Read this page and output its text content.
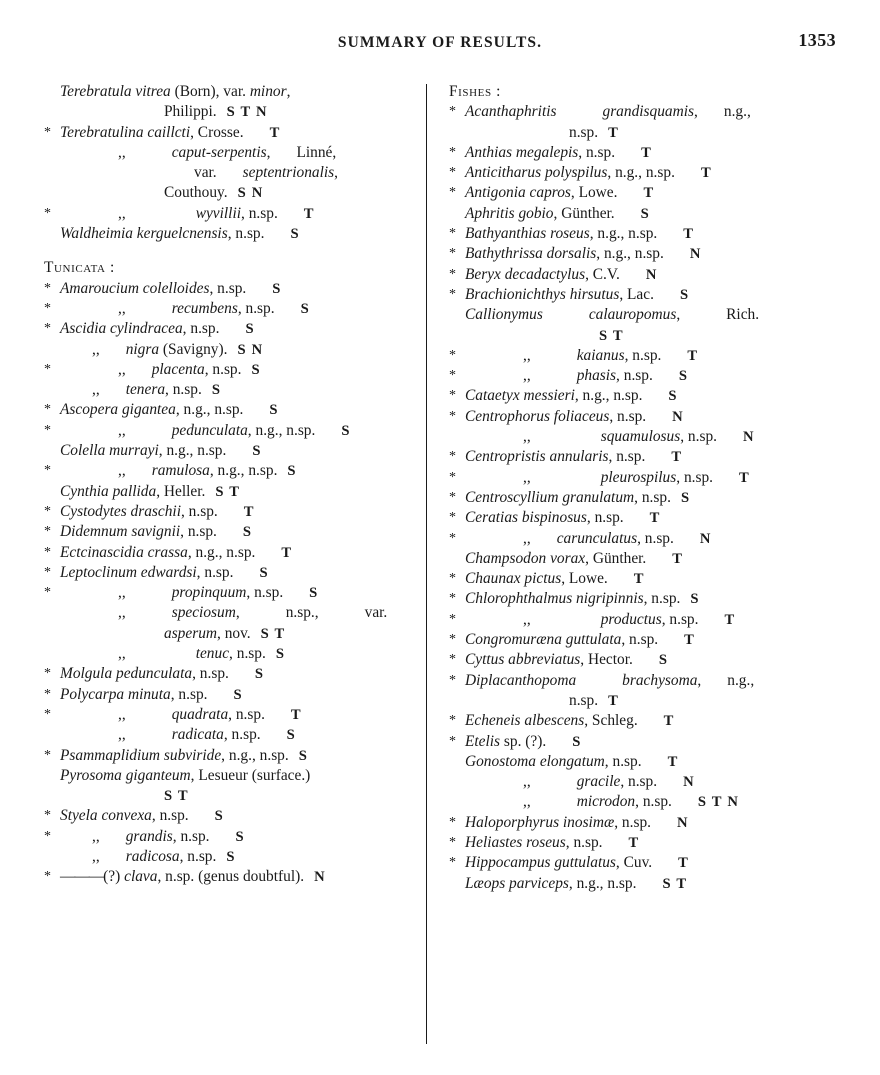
SUMMARY OF RESULTS.	1353
Terebratula vitrea (Born), var. minor,
Philippi. S T N
* Terebratulina caillcti, Crosse. T
,,	caput-serpentis, Linné,
var. septentrionalis,
Couthouy. S N
*	,,	wyvillii, n.sp. T
Waldheimia kerguelcnensis, n.sp. S
Tunicata :
* Amaroucium colelloides, n.sp. S
*	,,	recumbens, n.sp. S
* Ascidia cylindracea, n.sp. S
,, nigra (Savigny). S N
*	,, placenta, n.sp. S
,, tenera, n.sp. S
* Ascopera gigantea, n.g., n.sp. S
*	,,	pedunculata, n.g., n.sp. S
Colella murrayi, n.g., n.sp. S
*	,, ramulosa, n.g., n.sp. S
Cynthia pallida, Heller. S T
* Cystodytes draschii, n.sp. T
* Didemnum savignii, n.sp. S
* Ectcinascidia crassa, n.g., n.sp. T
* Leptoclinum edwardsi, n.sp. S
*	,,	propinquum, n.sp. S
,,	speciosum,	n.sp.,	var.
asperum, nov. S T
,,	tenuc, n.sp. S
* Molgula pedunculata, n.sp. S
* Polycarpa minuta, n.sp. S
*	,,	quadrata, n.sp. T
,,	radicata, n.sp. S
* Psammaplidium subviride, n.g., n.sp. S
Pyrosoma giganteum, Lesueur (surface.)
S T
* Styela convexa, n.sp. S
*	,, grandis, n.sp. S
,, radicosa, n.sp. S
* ———(?) clava, n.sp. (genus doubtful). N
Fishes :
* Acanthaphritis	grandisquamis, n.g.,
n.sp. T
* Anthias megalepis, n.sp. T
* Anticitharus polyspilus, n.g., n.sp. T
* Antigonia capros, Lowe. T
Aphritis gobio, Günther. S
* Bathyanthias roseus, n.g., n.sp. T
* Bathythrissa dorsalis, n.g., n.sp. N
* Beryx decadactylus, C.V. N
* Brachionichthys hirsutus, Lac. S
Callionymus	calauropomus,	Rich.
S T
*	,,	kaianus, n.sp. T
*	,,	phasis, n.sp. S
* Cataetyx messieri, n.g., n.sp. S
* Centrophorus foliaceus, n.sp. N
,,	squamulosus, n.sp. N
* Centropristis annularis, n.sp. T
*	,,	pleurospilus, n.sp. T
* Centroscyllium granulatum, n.sp. S
* Ceratias bispinosus, n.sp. T
*	,, carunculatus, n.sp. N
Champsodon vorax, Günther. T
* Chaunax pictus, Lowe. T
* Chlorophthalmus nigripinnis, n.sp. S
*	,,	productus, n.sp. T
* Congromuræna guttulata, n.sp. T
* Cyttus abbreviatus, Hector. S
* Diplacanthopoma	brachysoma, n.g.,
n.sp. T
* Echeneis albescens, Schleg. T
* Etelis sp. (?). S
Gonostoma elongatum, n.sp. T
,,	gracile, n.sp. N
,,	microdon, n.sp. S T N
* Haloporphyrus inosimæ, n.sp. N
* Heliastes roseus, n.sp. T
* Hippocampus guttulatus, Cuv. T
Læops parviceps, n.g., n.sp. S T
